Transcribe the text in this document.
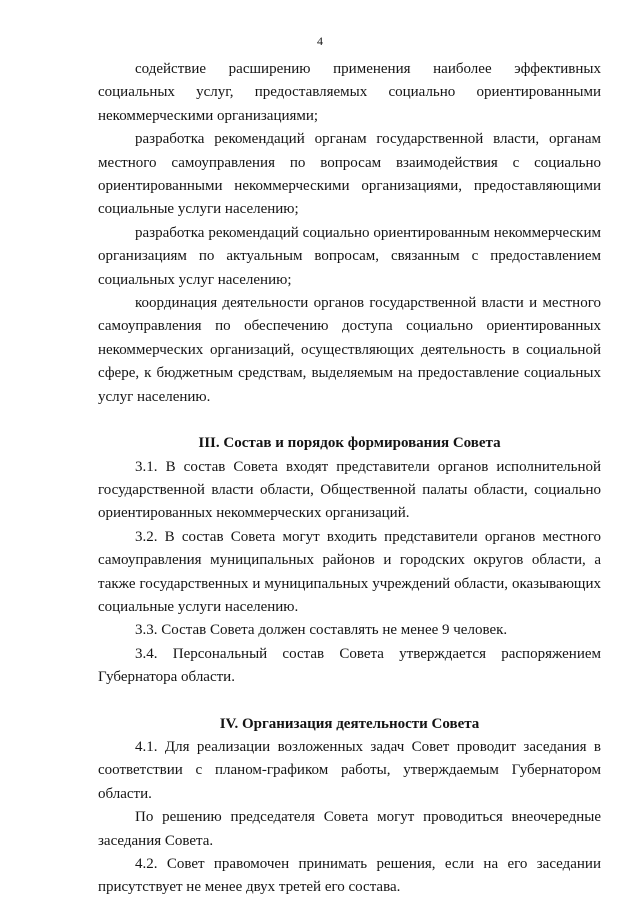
4

содействие расширению применения наиболее эффективных социальных услуг, предоставляемых социально ориентированными некоммерческими организациями;

разработка рекомендаций органам государственной власти, органам местного самоуправления по вопросам взаимодействия с социально ориентированными некоммерческими организациями, предоставляющими социальные услуги населению;

разработка рекомендаций социально ориентированным некоммерческим организациям по актуальным вопросам, связанным с предоставлением социальных услуг населению;

координация деятельности органов государственной власти и местного самоуправления по обеспечению доступа социально ориентированных некоммерческих организаций, осуществляющих деятельность в социальной сфере, к бюджетным средствам, выделяемым на предоставление социальных услуг населению.

III. Состав и порядок формирования Совета

3.1. В состав Совета входят представители органов исполнительной государственной власти области, Общественной палаты области, социально ориентированных некоммерческих организаций.

3.2. В состав Совета могут входить представители органов местного самоуправления муниципальных районов и городских округов области, а также государственных и муниципальных учреждений области, оказывающих социальные услуги населению.

3.3. Состав Совета должен составлять не менее 9 человек.

3.4. Персональный состав Совета утверждается распоряжением Губернатора области.

IV. Организация деятельности Совета

4.1. Для реализации возложенных задач Совет проводит заседания в соответствии с планом-графиком работы, утверждаемым Губернатором области.

По решению председателя Совета могут проводиться внеочередные заседания Совета.

4.2. Совет правомочен принимать решения, если на его заседании присутствует не менее двух третей его состава.
